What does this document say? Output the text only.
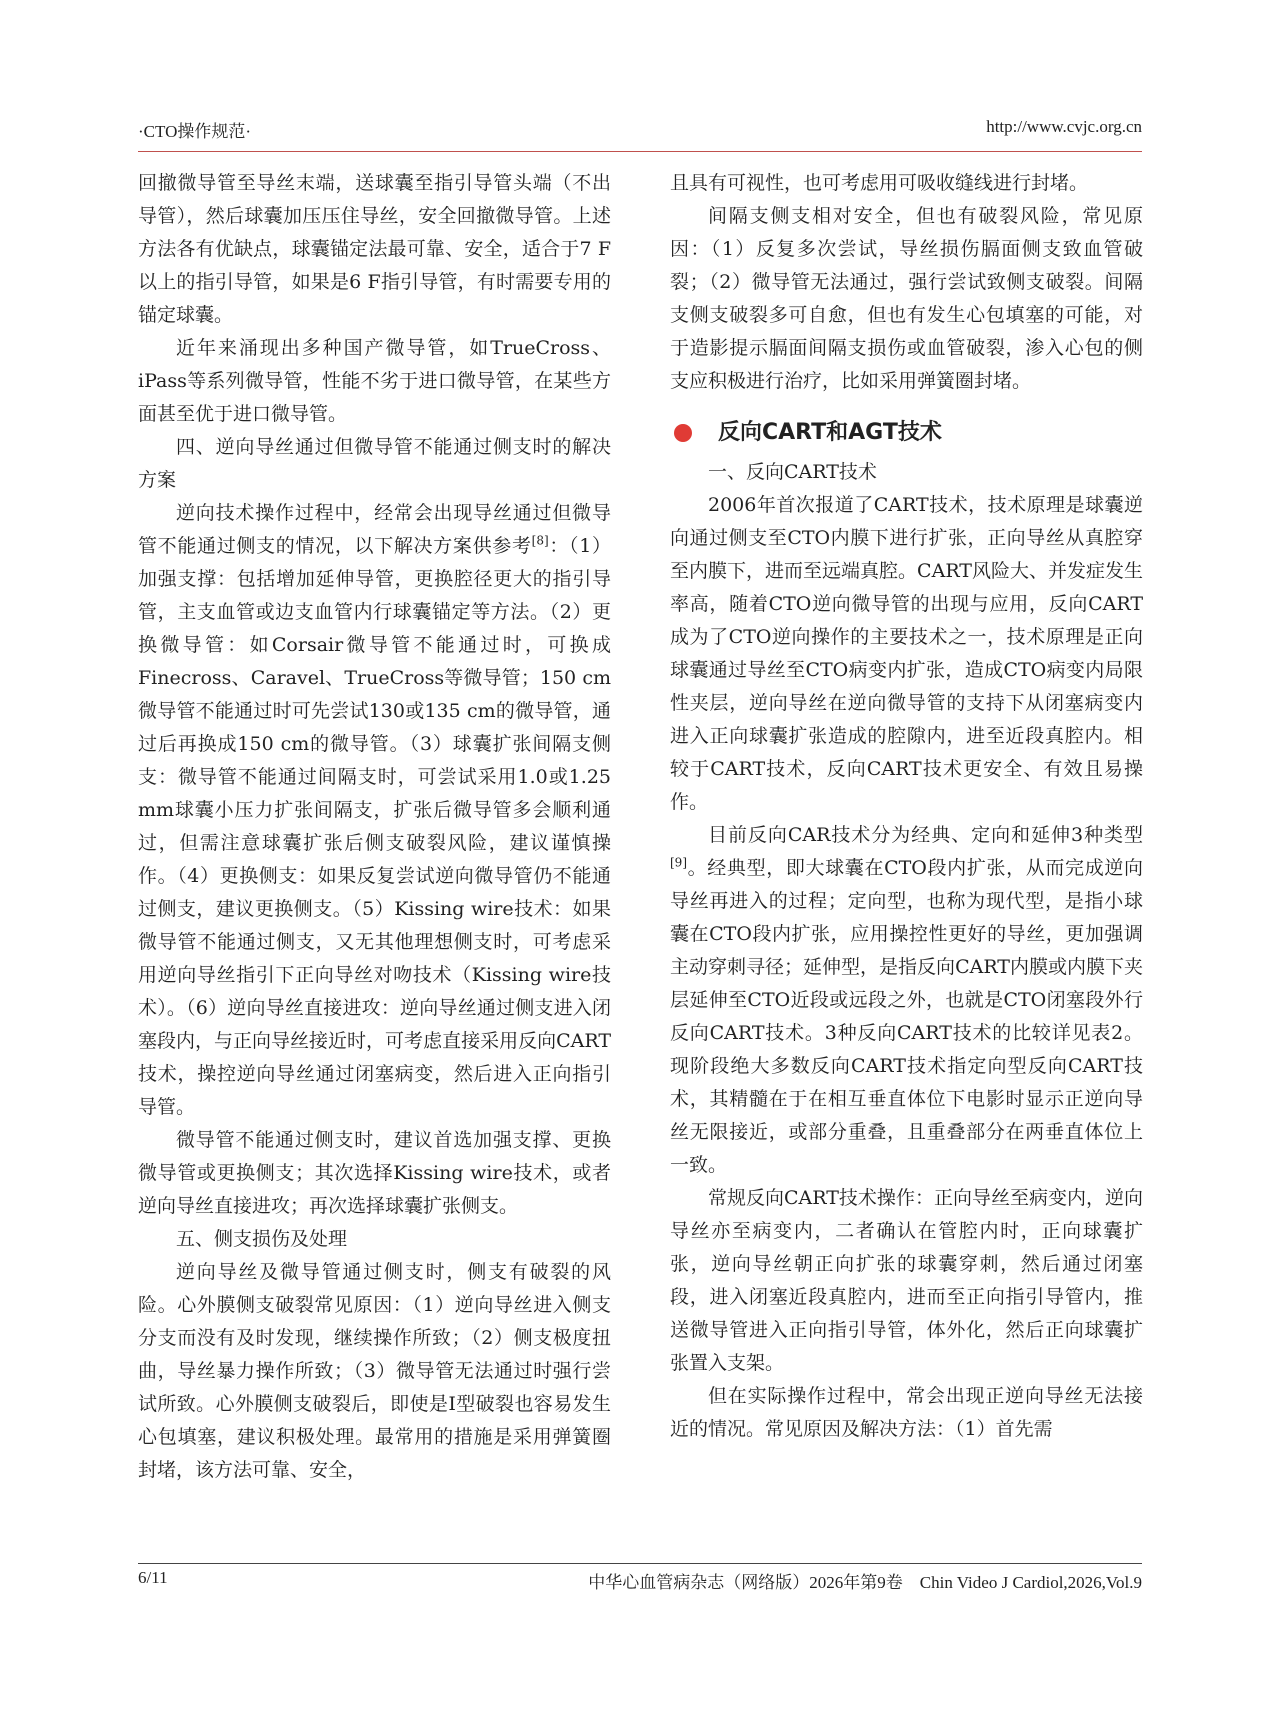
·CTO操作规范·	http://www.cvjc.org.cn

回撤微导管至导丝末端，送球囊至指引导管头端（不出导管），然后球囊加压压住导丝，安全回撤微导管。上述方法各有优缺点，球囊锚定法最可靠、安全，适合于7 F以上的指引导管，如果是6 F指引导管，有时需要专用的锚定球囊。

近年来涌现出多种国产微导管，如TrueCross、iPass等系列微导管，性能不劣于进口微导管，在某些方面甚至优于进口微导管。

四、逆向导丝通过但微导管不能通过侧支时的解决方案

逆向技术操作过程中，经常会出现导丝通过但微导管不能通过侧支的情况，以下解决方案供参考[8]：（1）加强支撑：包括增加延伸导管，更换腔径更大的指引导管，主支血管或边支血管内行球囊锚定等方法。（2）更换微导管：如Corsair微导管不能通过时，可换成Finecross、Caravel、TrueCross等微导管；150 cm微导管不能通过时可先尝试130或135 cm的微导管，通过后再换成150 cm的微导管。（3）球囊扩张间隔支侧支：微导管不能通过间隔支时，可尝试采用1.0或1.25 mm球囊小压力扩张间隔支，扩张后微导管多会顺利通过，但需注意球囊扩张后侧支破裂风险，建议谨慎操作。（4）更换侧支：如果反复尝试逆向微导管仍不能通过侧支，建议更换侧支。（5）Kissing wire技术：如果微导管不能通过侧支，又无其他理想侧支时，可考虑采用逆向导丝指引下正向导丝对吻技术（Kissing wire技术）。（6）逆向导丝直接进攻：逆向导丝通过侧支进入闭塞段内，与正向导丝接近时，可考虑直接采用反向CART技术，操控逆向导丝通过闭塞病变，然后进入正向指引导管。

微导管不能通过侧支时，建议首选加强支撑、更换微导管或更换侧支；其次选择Kissing wire技术，或者逆向导丝直接进攻；再次选择球囊扩张侧支。

五、侧支损伤及处理

逆向导丝及微导管通过侧支时，侧支有破裂的风险。心外膜侧支破裂常见原因：（1）逆向导丝进入侧支分支而没有及时发现，继续操作所致；（2）侧支极度扭曲，导丝暴力操作所致；（3）微导管无法通过时强行尝试所致。心外膜侧支破裂后，即使是Ⅰ型破裂也容易发生心包填塞，建议积极处理。最常用的措施是采用弹簧圈封堵，该方法可靠、安全，

且具有可视性，也可考虑用可吸收缝线进行封堵。

间隔支侧支相对安全，但也有破裂风险，常见原因：（1）反复多次尝试，导丝损伤膈面侧支致血管破裂；（2）微导管无法通过，强行尝试致侧支破裂。间隔支侧支破裂多可自愈，但也有发生心包填塞的可能，对于造影提示膈面间隔支损伤或血管破裂，渗入心包的侧支应积极进行治疗，比如采用弹簧圈封堵。

反向CART和AGT技术

一、反向CART技术

2006年首次报道了CART技术，技术原理是球囊逆向通过侧支至CTO内膜下进行扩张，正向导丝从真腔穿至内膜下，进而至远端真腔。CART风险大、并发症发生率高，随着CTO逆向微导管的出现与应用，反向CART成为了CTO逆向操作的主要技术之一，技术原理是正向球囊通过导丝至CTO病变内扩张，造成CTO病变内局限性夹层，逆向导丝在逆向微导管的支持下从闭塞病变内进入正向球囊扩张造成的腔隙内，进至近段真腔内。相较于CART技术，反向CART技术更安全、有效且易操作。

目前反向CAR技术分为经典、定向和延伸3种类型[9]。经典型，即大球囊在CTO段内扩张，从而完成逆向导丝再进入的过程；定向型，也称为现代型，是指小球囊在CTO段内扩张，应用操控性更好的导丝，更加强调主动穿刺寻径；延伸型，是指反向CART内膜或内膜下夹层延伸至CTO近段或远段之外，也就是CTO闭塞段外行反向CART技术。3种反向CART技术的比较详见表2。现阶段绝大多数反向CART技术指定向型反向CART技术，其精髓在于在相互垂直体位下电影时显示正逆向导丝无限接近，或部分重叠，且重叠部分在两垂直体位上一致。

常规反向CART技术操作：正向导丝至病变内，逆向导丝亦至病变内，二者确认在管腔内时，正向球囊扩张，逆向导丝朝正向扩张的球囊穿刺，然后通过闭塞段，进入闭塞近段真腔内，进而至正向指引导管内，推送微导管进入正向指引导管，体外化，然后正向球囊扩张置入支架。

但在实际操作过程中，常会出现正逆向导丝无法接近的情况。常见原因及解决方法：（1）首先需

6/11	中华心血管病杂志（网络版）2026年第9卷　Chin Video J Cardiol,2026,Vol.9
